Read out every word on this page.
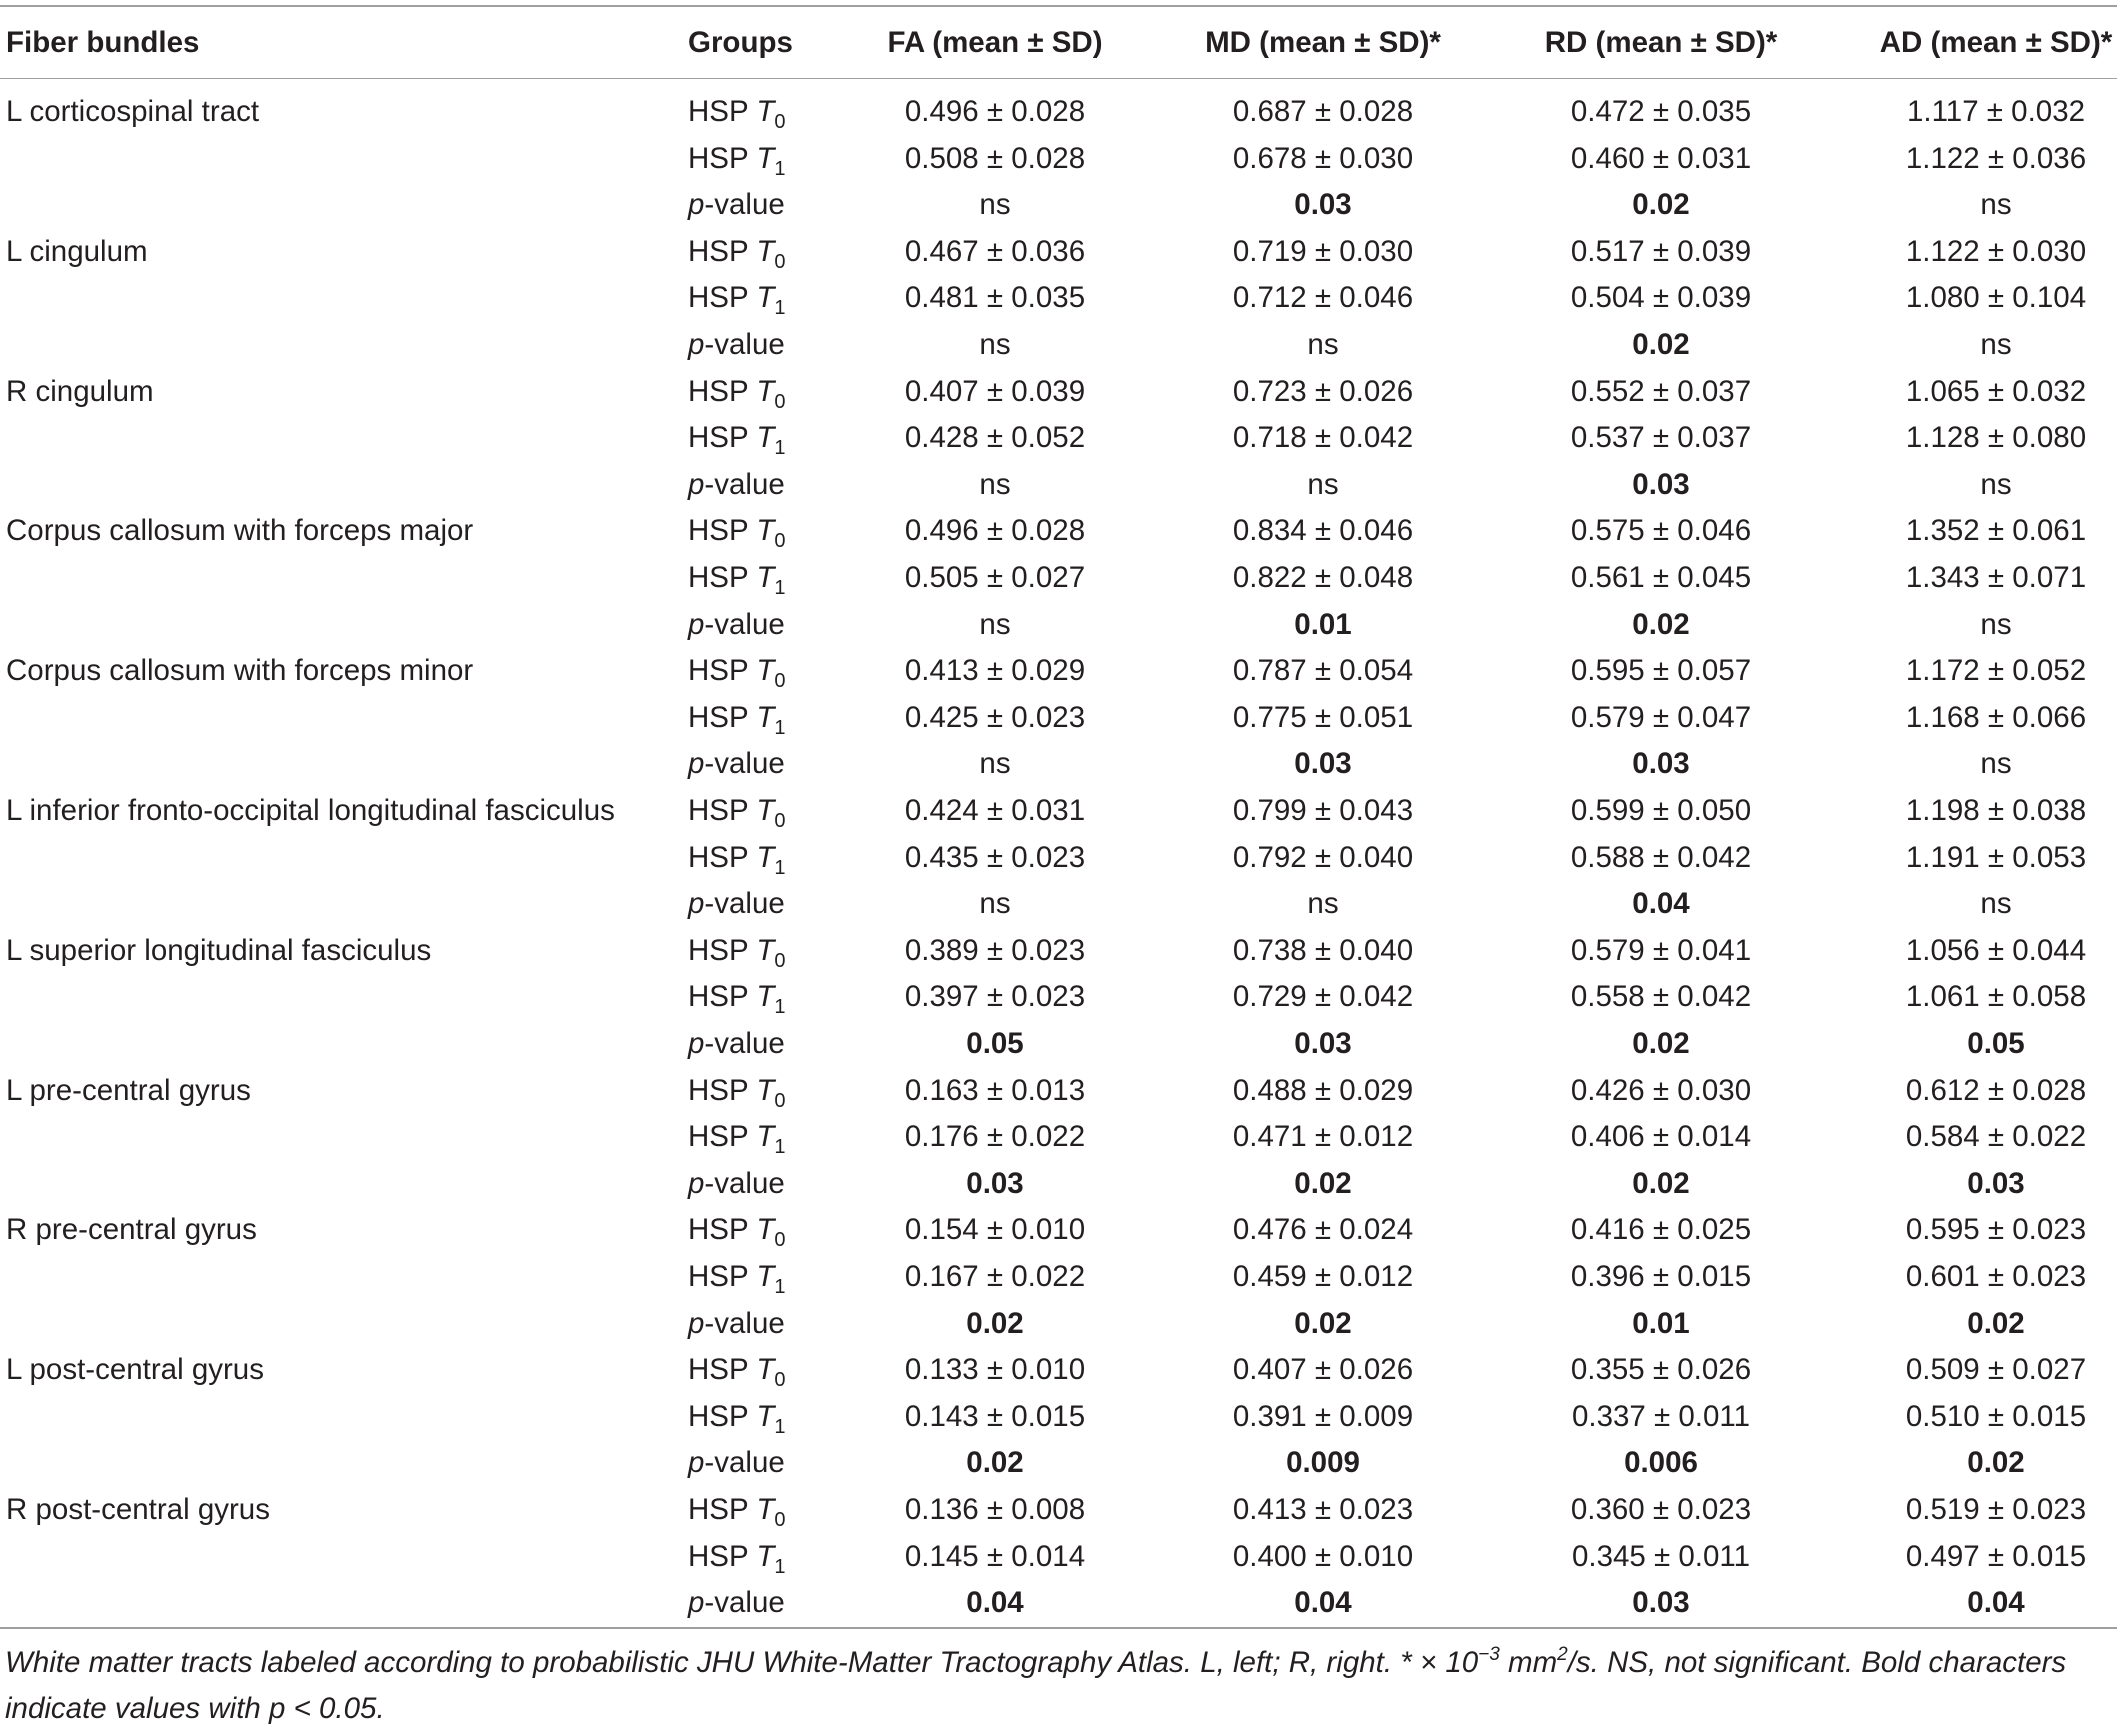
Fiber bundles	Groups	FA (mean ± SD)	MD (mean ± SD)*	RD (mean ± SD)*	AD (mean ± SD)*
L corticospinal tract	HSP $T_0$	0.496 ± 0.028	0.687 ± 0.028	0.472 ± 0.035	1.117 ± 0.032
HSP $T_1$	0.508 ± 0.028	0.678 ± 0.030	0.460 ± 0.031	1.122 ± 0.036
p-value	ns	0.03	0.02	ns
L cingulum	HSP $T_0$	0.467 ± 0.036	0.719 ± 0.030	0.517 ± 0.039	1.122 ± 0.030
HSP $T_1$	0.481 ± 0.035	0.712 ± 0.046	0.504 ± 0.039	1.080 ± 0.104
p-value	ns	ns	0.02	ns
R cingulum	HSP $T_0$	0.407 ± 0.039	0.723 ± 0.026	0.552 ± 0.037	1.065 ± 0.032
HSP $T_1$	0.428 ± 0.052	0.718 ± 0.042	0.537 ± 0.037	1.128 ± 0.080
p-value	ns	ns	0.03	ns
Corpus callosum with forceps major	HSP $T_0$	0.496 ± 0.028	0.834 ± 0.046	0.575 ± 0.046	1.352 ± 0.061
HSP $T_1$	0.505 ± 0.027	0.822 ± 0.048	0.561 ± 0.045	1.343 ± 0.071
p-value	ns	0.01	0.02	ns
Corpus callosum with forceps minor	HSP $T_0$	0.413 ± 0.029	0.787 ± 0.054	0.595 ± 0.057	1.172 ± 0.052
HSP $T_1$	0.425 ± 0.023	0.775 ± 0.051	0.579 ± 0.047	1.168 ± 0.066
p-value	ns	0.03	0.03	ns
L inferior fronto-occipital longitudinal fasciculus HSP $T_0$	0.424 ± 0.031	0.799 ± 0.043	0.599 ± 0.050	1.198 ± 0.038
HSP $T_1$	0.435 ± 0.023	0.792 ± 0.040	0.588 ± 0.042	1.191 ± 0.053
p-value	ns	ns	0.04	ns
L superior longitudinal fasciculus	HSP $T_0$	0.389 ± 0.023	0.738 ± 0.040	0.579 ± 0.041	1.056 ± 0.044
HSP $T_1$	0.397 ± 0.023	0.729 ± 0.042	0.558 ± 0.042	1.061 ± 0.058
p-value	0.05	0.03	0.02	0.05
L pre-central gyrus	HSP $T_0$	0.163 ± 0.013	0.488 ± 0.029	0.426 ± 0.030	0.612 ± 0.028
HSP $T_1$	0.176 ± 0.022	0.471 ± 0.012	0.406 ± 0.014	0.584 ± 0.022
p-value	0.03	0.02	0.02	0.03
R pre-central gyrus	HSP $T_0$	0.154 ± 0.010	0.476 ± 0.024	0.416 ± 0.025	0.595 ± 0.023
HSP $T_1$	0.167 ± 0.022	0.459 ± 0.012	0.396 ± 0.015	0.601 ± 0.023
p-value	0.02	0.02	0.01	0.02
L post-central gyrus	HSP $T_0$	0.133 ± 0.010	0.407 ± 0.026	0.355 ± 0.026	0.509 ± 0.027
HSP $T_1$	0.143 ± 0.015	0.391 ± 0.009	0.337 ± 0.011	0.510 ± 0.015
p-value	0.02	0.009	0.006	0.02
R post-central gyrus	HSP $T_0$	0.136 ± 0.008	0.413 ± 0.023	0.360 ± 0.023	0.519 ± 0.023
HSP $T_1$	0.145 ± 0.014	0.400 ± 0.010	0.345 ± 0.011	0.497 ± 0.015
p-value	0.04	0.04	0.03	0.04
White matter tracts labeled according to probabilistic JHU White-Matter Tractography Atlas. L, left; R, right. * × $10^{-3}$ $mm^2/s$. NS, not significant. Bold characters indicate values with p < 0.05.
